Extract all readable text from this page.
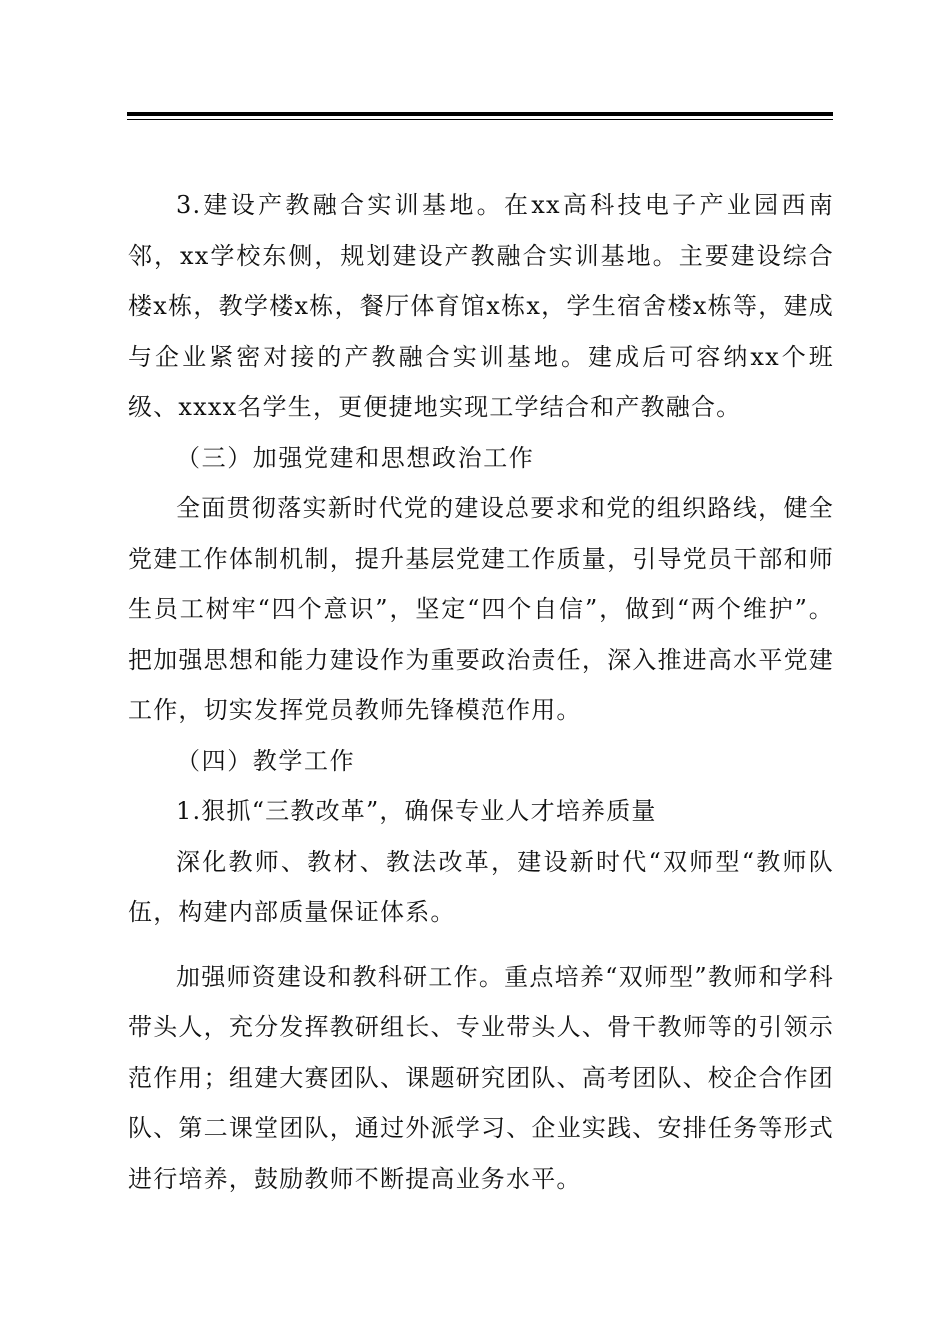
3.建设产教融合实训基地。在xx高科技电子产业园西南邻，xx学校东侧，规划建设产教融合实训基地。主要建设综合楼x栋，教学楼x栋，餐厅体育馆x栋x，学生宿舍楼x栋等，建成与企业紧密对接的产教融合实训基地。建成后可容纳xx个班级、xxxx名学生，更便捷地实现工学结合和产教融合。

（三）加强党建和思想政治工作

全面贯彻落实新时代党的建设总要求和党的组织路线，健全党建工作体制机制，提升基层党建工作质量，引导党员干部和师生员工树牢“四个意识”，坚定“四个自信”，做到“两个维护”。把加强思想和能力建设作为重要政治责任，深入推进高水平党建工作，切实发挥党员教师先锋模范作用。

（四）教学工作

1.狠抓“三教改革”，确保专业人才培养质量

深化教师、教材、教法改革，建设新时代“双师型“教师队伍，构建内部质量保证体系。

加强师资建设和教科研工作。重点培养“双师型”教师和学科带头人，充分发挥教研组长、专业带头人、骨干教师等的引领示范作用；组建大赛团队、课题研究团队、高考团队、校企合作团队、第二课堂团队，通过外派学习、企业实践、安排任务等形式进行培养，鼓励教师不断提高业务水平。
